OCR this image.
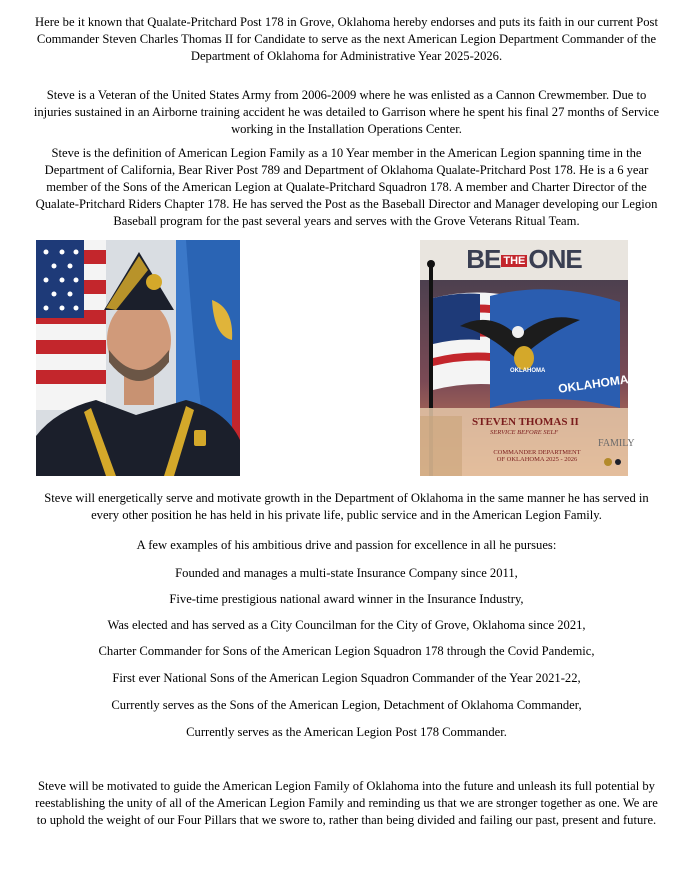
Here be it known that Qualate-Pritchard Post 178 in Grove, Oklahoma hereby endorses and puts its faith in our current Post Commander Steven Charles Thomas II for Candidate to serve as the next American Legion Department Commander of the Department of Oklahoma for Administrative Year 2025-2026.

Steve is a Veteran of the United States Army from 2006-2009 where he was enlisted as a Cannon Crewmember. Due to injuries sustained in an Airborne training accident he was detailed to Garrison where he spent his final 27 months of Service working in the Installation Operations Center.

Steve is the definition of American Legion Family as a 10 Year member in the American Legion spanning time in the Department of California, Bear River Post 789 and Department of Oklahoma Qualate-Pritchard Post 178. He is a 6 year member of the Sons of the American Legion at Qualate-Pritchard Squadron 178. A member and Charter Director of the Qualate-Pritchard Riders Chapter 178. He has served the Post as the Baseball Director and Manager developing our Legion Baseball program for the past several years and serves with the Grove Veterans Ritual Team.

BE THE ONE
OKLAHOMA
OKLAHOMA
STEVEN THOMAS II
SERVICE BEFORE SELF
FAMILY
COMMANDER DEPARTMENT OF OKLAHOMA 2025 - 2026

Steve will energetically serve and motivate growth in the Department of Oklahoma in the same manner he has served in every other position he has held in his private life, public service and in the American Legion Family.

A few examples of his ambitious drive and passion for excellence in all he pursues:

Founded and manages a multi-state Insurance Company since 2011,

Five-time prestigious national award winner in the Insurance Industry,

Was elected and has served as a City Councilman for the City of Grove, Oklahoma since 2021,

Charter Commander for Sons of the American Legion Squadron 178 through the Covid Pandemic,

First ever National Sons of the American Legion Squadron Commander of the Year 2021-22,

Currently serves as the Sons of the American Legion, Detachment of Oklahoma Commander,

Currently serves as the American Legion Post 178 Commander.

Steve will be motivated to guide the American Legion Family of Oklahoma into the future and unleash its full potential by reestablishing the unity of all of the American Legion Family and reminding us that we are stronger together as one. We are to uphold the weight of our Four Pillars that we swore to, rather than being divided and failing our past, present and future.
